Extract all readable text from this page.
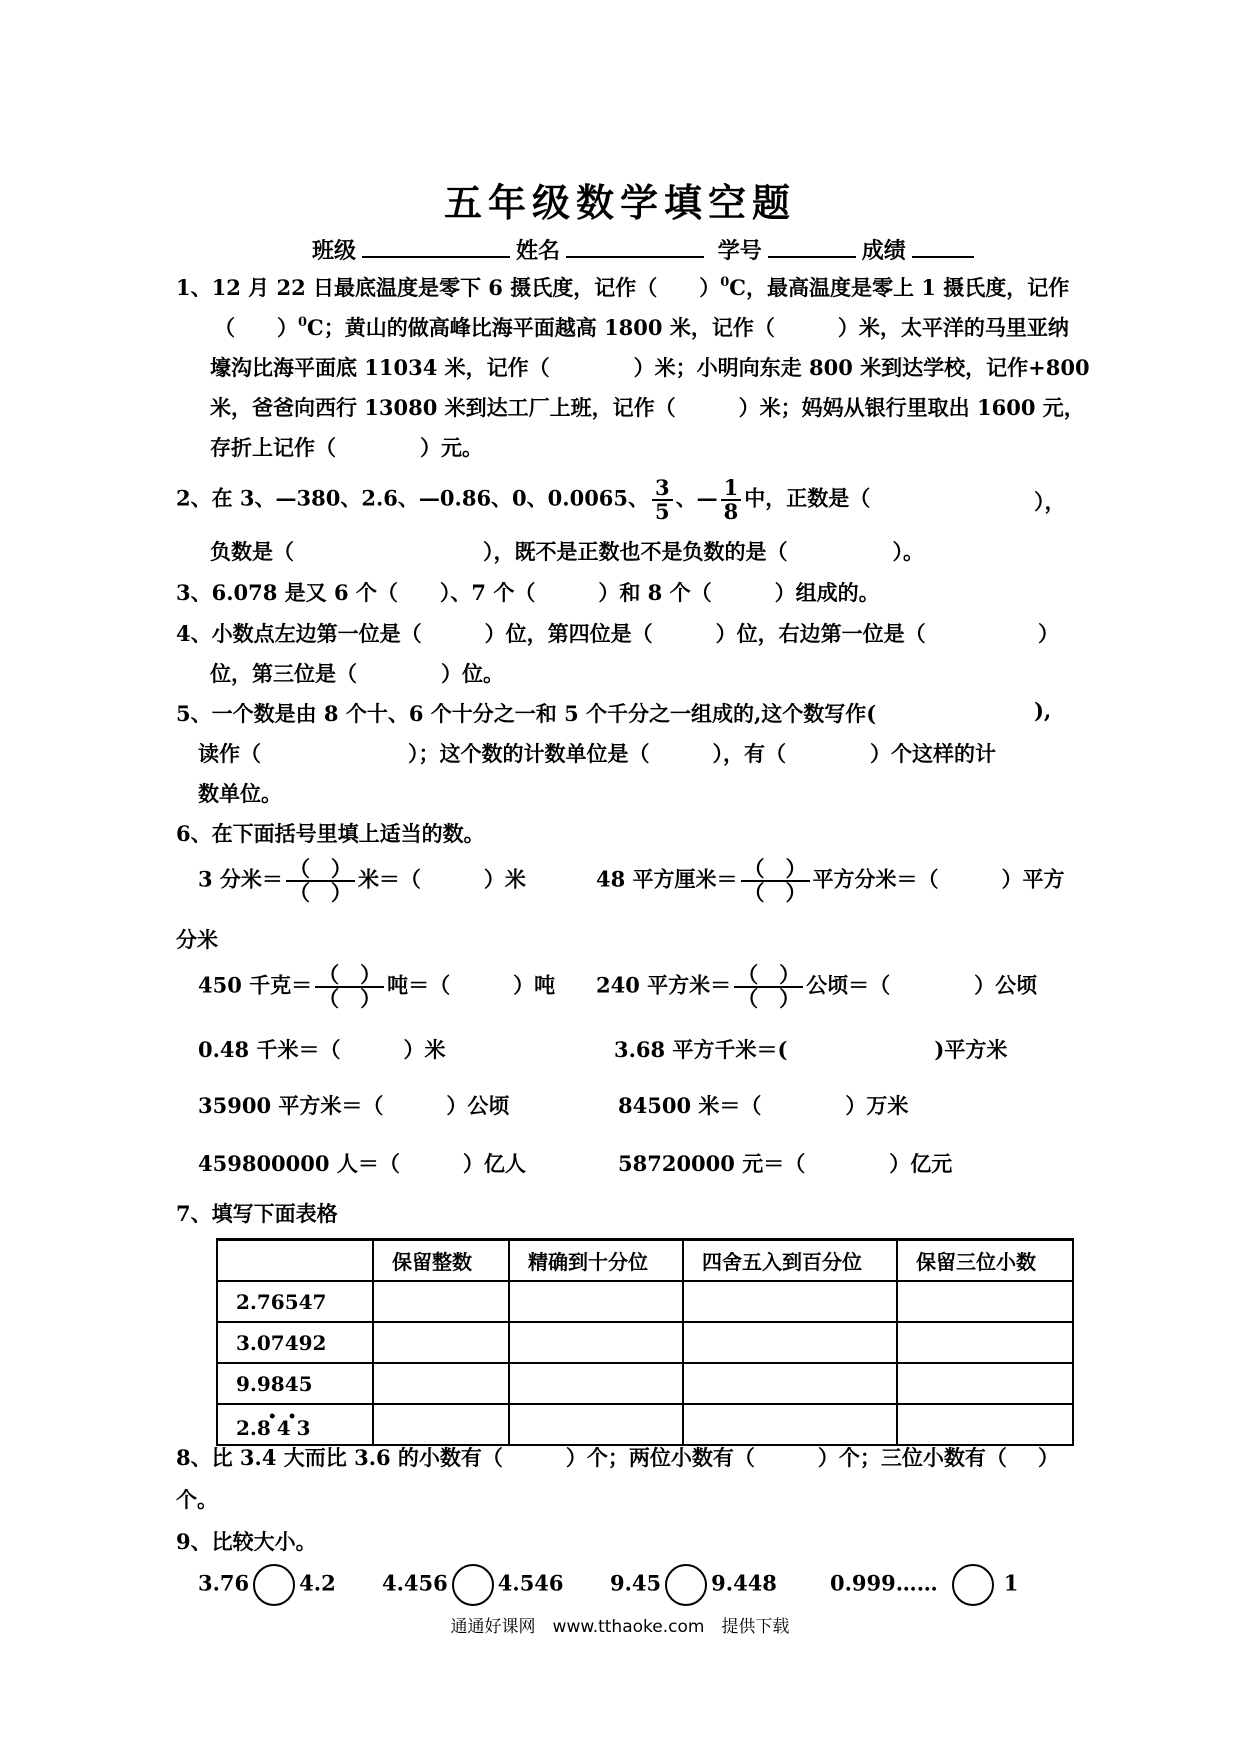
五年级数学填空题
班级	姓名	学号	成绩
1、12 月 22 日最底温度是零下 6 摄氏度，记作（　　）$^0$C，最高温度是零上 1 摄氏度，记作
（　　）$^0$C；黄山的做高峰比海平面越高 1800 米，记作（　　　）米，太平洋的马里亚纳
壕沟比海平面底 11034 米，记作（　　　　）米；小明向东走 800 米到达学校，记作+800
米，爸爸向西行 13080 米到达工厂上班，记作（　　　）米；妈妈从银行里取出 1600 元，
存折上记作（　　　　）元。
2、在 3、—380、2.6、—0.86、0、0.0065、 $\frac{3}{5}$ 、— $\frac{1}{8}$ 中，正数是（	），
负数是（　　　　　　　　　），既不是正数也不是负数的是（　　　　　）。
3、6.078 是又 6 个（　　）、7 个（　　　）和 8 个（　　　）组成的。
4、小数点左边第一位是（　　　）位，第四位是（　　　）位，右边第一位是（	）
位，第三位是（　　　　）位。
5、一个数是由 8 个十、6 个十分之一和 5 个千分之一组成的,这个数写作(	),
读作（　　　　　　　）；这个数的计数单位是（　　　），有（　　　　）个这样的计
数单位。
6、在下面括号里填上适当的数。
3 分米＝ $\frac{( )}{( )}$ 米＝（　　　）米	48 平方厘米＝ $\frac{( )}{( )}$ 平方分米＝（　　　）平方
分米
450 千克＝ $\frac{( )}{( )}$ 吨＝（　　　）吨 240 平方米＝ $\frac{( )}{( )}$ 公顷＝（　　　　）公顷
0.48 千米＝（　　　）米	3.68 平方千米＝(　　　　　　　)平方米
35900 平方米＝（　　　）公顷	84500 米＝（　　　　）万米
459800000 人＝（　　　）亿人	58720000 元＝（　　　　）亿元
7、填写下面表格
	保留整数	精确到十分位	四舍五入到百分位	保留三位小数
2.76547				
3.07492				
9.9845				
2.8•4•3				
8、比 3.4 大而比 3.6 的小数有（　　　）个；两位小数有（　　　）个；三位小数有（ ）
个。
9、比较大小。
3.76 4.2 4.456 4.546 9.45 9.448	0.999……	1
通通好课网　www.tthaoke.com　提供下载
